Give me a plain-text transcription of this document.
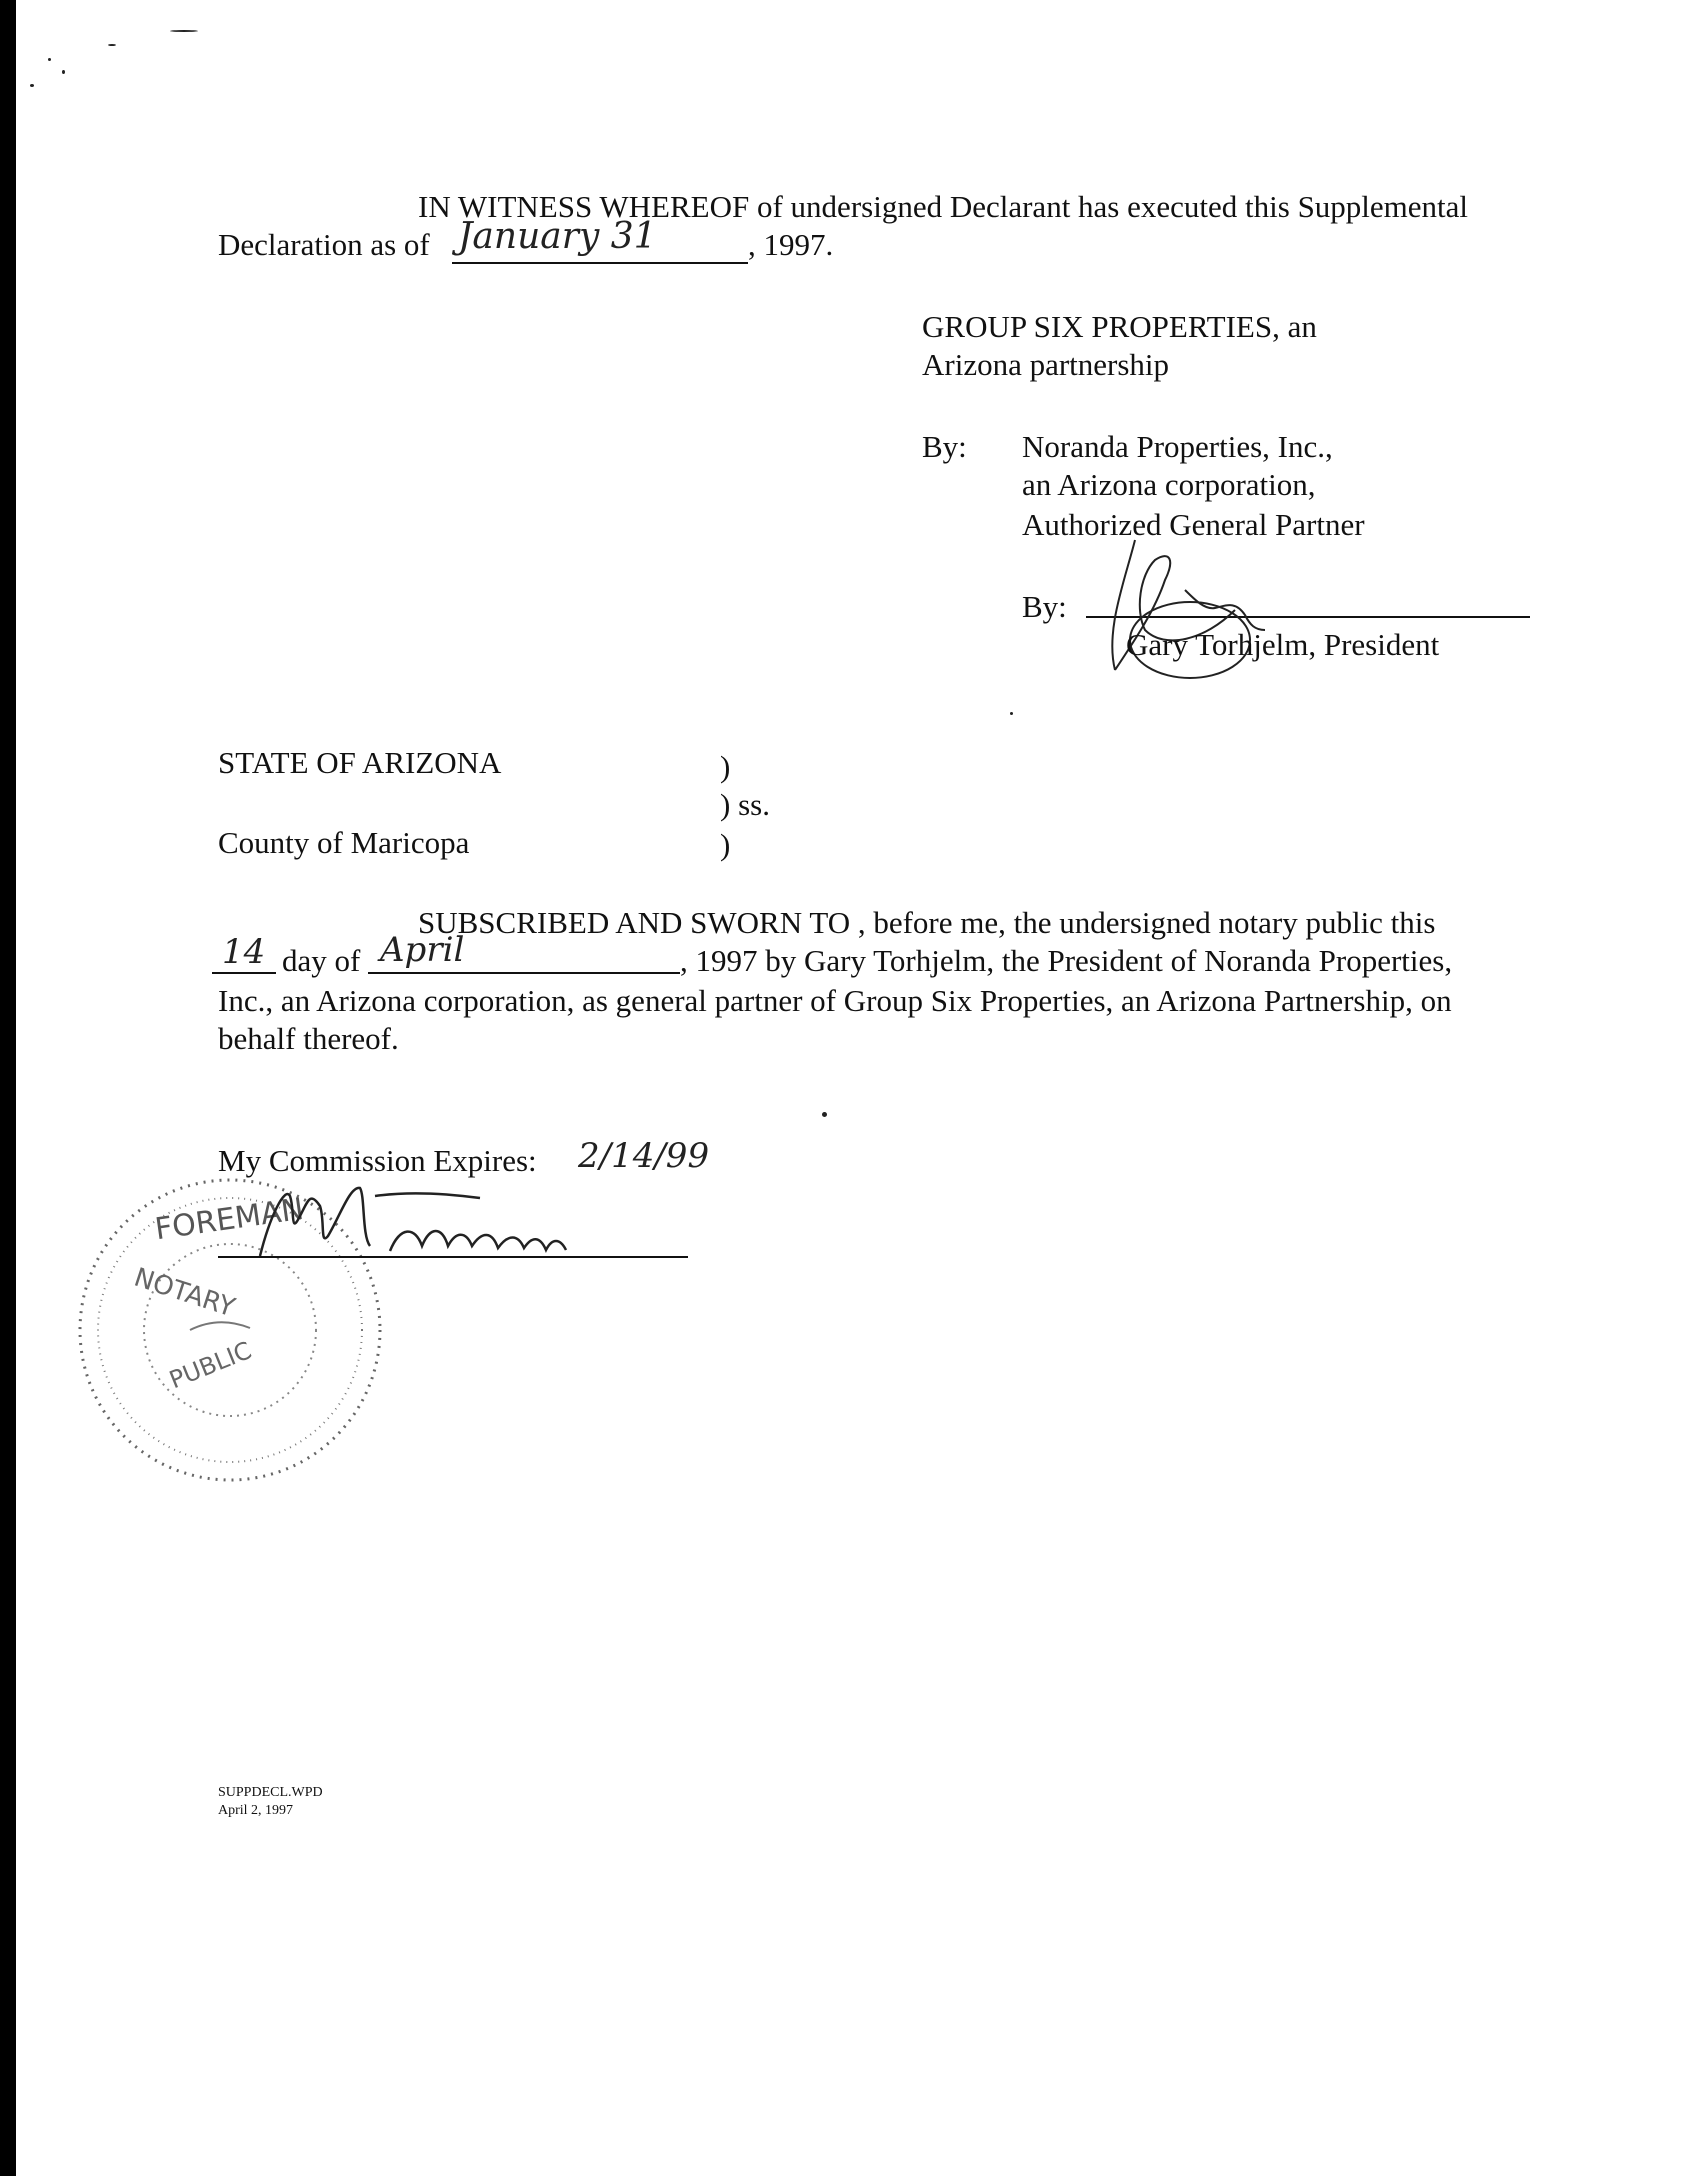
IN WITNESS WHEREOF of undersigned Declarant has executed this Supplemental
Declaration as of January 31	, 1997.
GROUP SIX PROPERTIES, an
Arizona partnership
By: Noranda Properties, Inc.,
an Arizona corporation,
Authorized General Partner
By:
Gary Torhjelm, President
STATE OF ARIZONA	)
) ss.
County of Maricopa	)
SUBSCRIBED AND SWORN TO , before me, the undersigned notary public this
14 day of April	, 1997 by Gary Torhjelm, the President of Noranda Properties,
Inc., an Arizona corporation, as general partner of Group Six Properties, an Arizona Partnership, on
behalf thereof.
My Commission Expires: 2/14/99
FOREMAN
NOTARY
PUBLIC
SUPPDECL.WPD
April 2, 1997
